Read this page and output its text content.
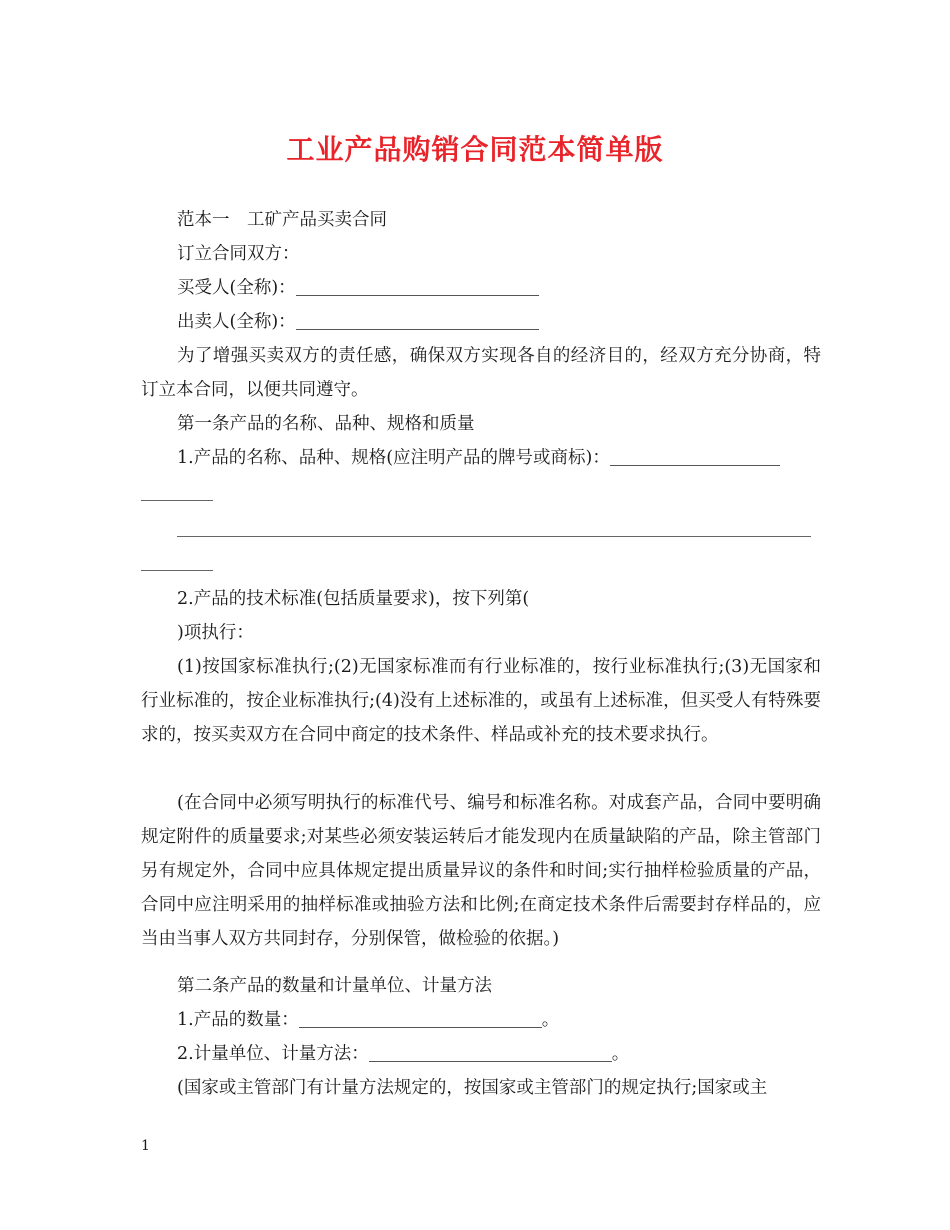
工业产品购销合同范本简单版
范本一　工矿产品买卖合同
订立合同双方：
买受人(全称)：
出卖人(全称)：
为了增强买卖双方的责任感，确保双方实现各自的经济目的，经双方充分协商，特订立本合同，以便共同遵守。
第一条产品的名称、品种、规格和质量
1.产品的名称、品种、规格(应注明产品的牌号或商标)：
2.产品的技术标准(包括质量要求)，按下列第(
)项执行：
(1)按国家标准执行;(2)无国家标准而有行业标准的，按行业标准执行;(3)无国家和行业标准的，按企业标准执行;(4)没有上述标准的，或虽有上述标准，但买受人有特殊要求的，按买卖双方在合同中商定的技术条件、样品或补充的技术要求执行。
(在合同中必须写明执行的标准代号、编号和标准名称。对成套产品，合同中要明确规定附件的质量要求;对某些必须安装运转后才能发现内在质量缺陷的产品，除主管部门另有规定外，合同中应具体规定提出质量异议的条件和时间;实行抽样检验质量的产品，合同中应注明采用的抽样标准或抽验方法和比例;在商定技术条件后需要封存样品的，应当由当事人双方共同封存，分别保管，做检验的依据。)
第二条产品的数量和计量单位、计量方法
1.产品的数量：	。
2.计量单位、计量方法：	。
(国家或主管部门有计量方法规定的，按国家或主管部门的规定执行;国家或主
1
